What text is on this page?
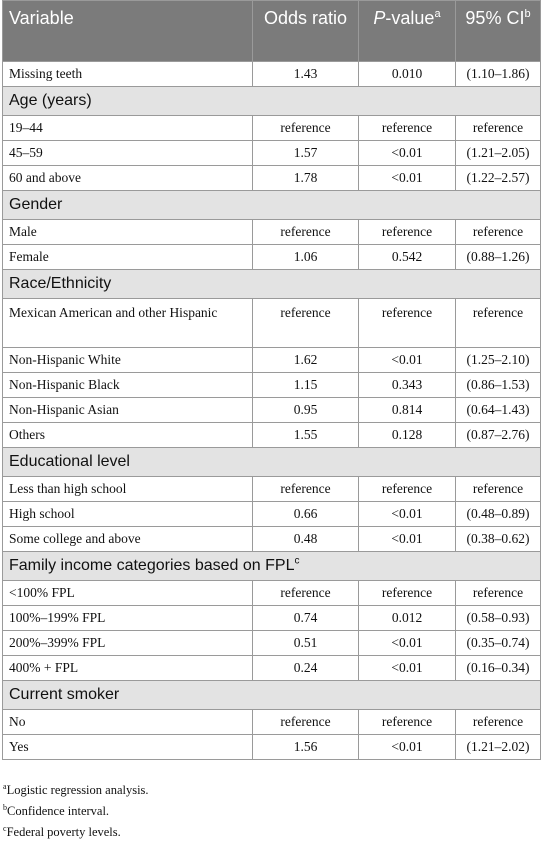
Variable	Odds ratio	P-value$^a$	95% $CI^b$
Missing teeth	1.43	0.010	(1.10–1.86)
Age (years)			
19–44	reference	reference	reference
45–59	1.57	<0.01	(1.21–2.05)
60 and above	1.78	<0.01	(1.22–2.57)
Gender			
Male	reference	reference	reference
Female	1.06	0.542	(0.88–1.26)
Race/Ethnicity			
Mexican American and other Hispanic	reference	reference	reference
Non-Hispanic White	1.62	<0.01	(1.25–2.10)
Non-Hispanic Black	1.15	0.343	(0.86–1.53)
Non-Hispanic Asian	0.95	0.814	(0.64–1.43)
Others	1.55	0.128	(0.87–2.76)
Educational level			
Less than high school	reference	reference	reference
High school	0.66	<0.01	(0.48–0.89)
Some college and above	0.48	<0.01	(0.38–0.62)
Family income categories based on $FPL^c$
<100% FPL	reference	reference	reference
100%–199% FPL	0.74	0.012	(0.58–0.93)
200%–399% FPL	0.51	<0.01	(0.35–0.74)
400% + FPL	0.24	<0.01	(0.16–0.34)
Current smoker			
No	reference	reference	reference
Yes	1.56	<0.01	(1.21–2.02)
$^a$Logistic regression analysis.
$^b$Confidence interval.
$^c$Federal poverty levels.
